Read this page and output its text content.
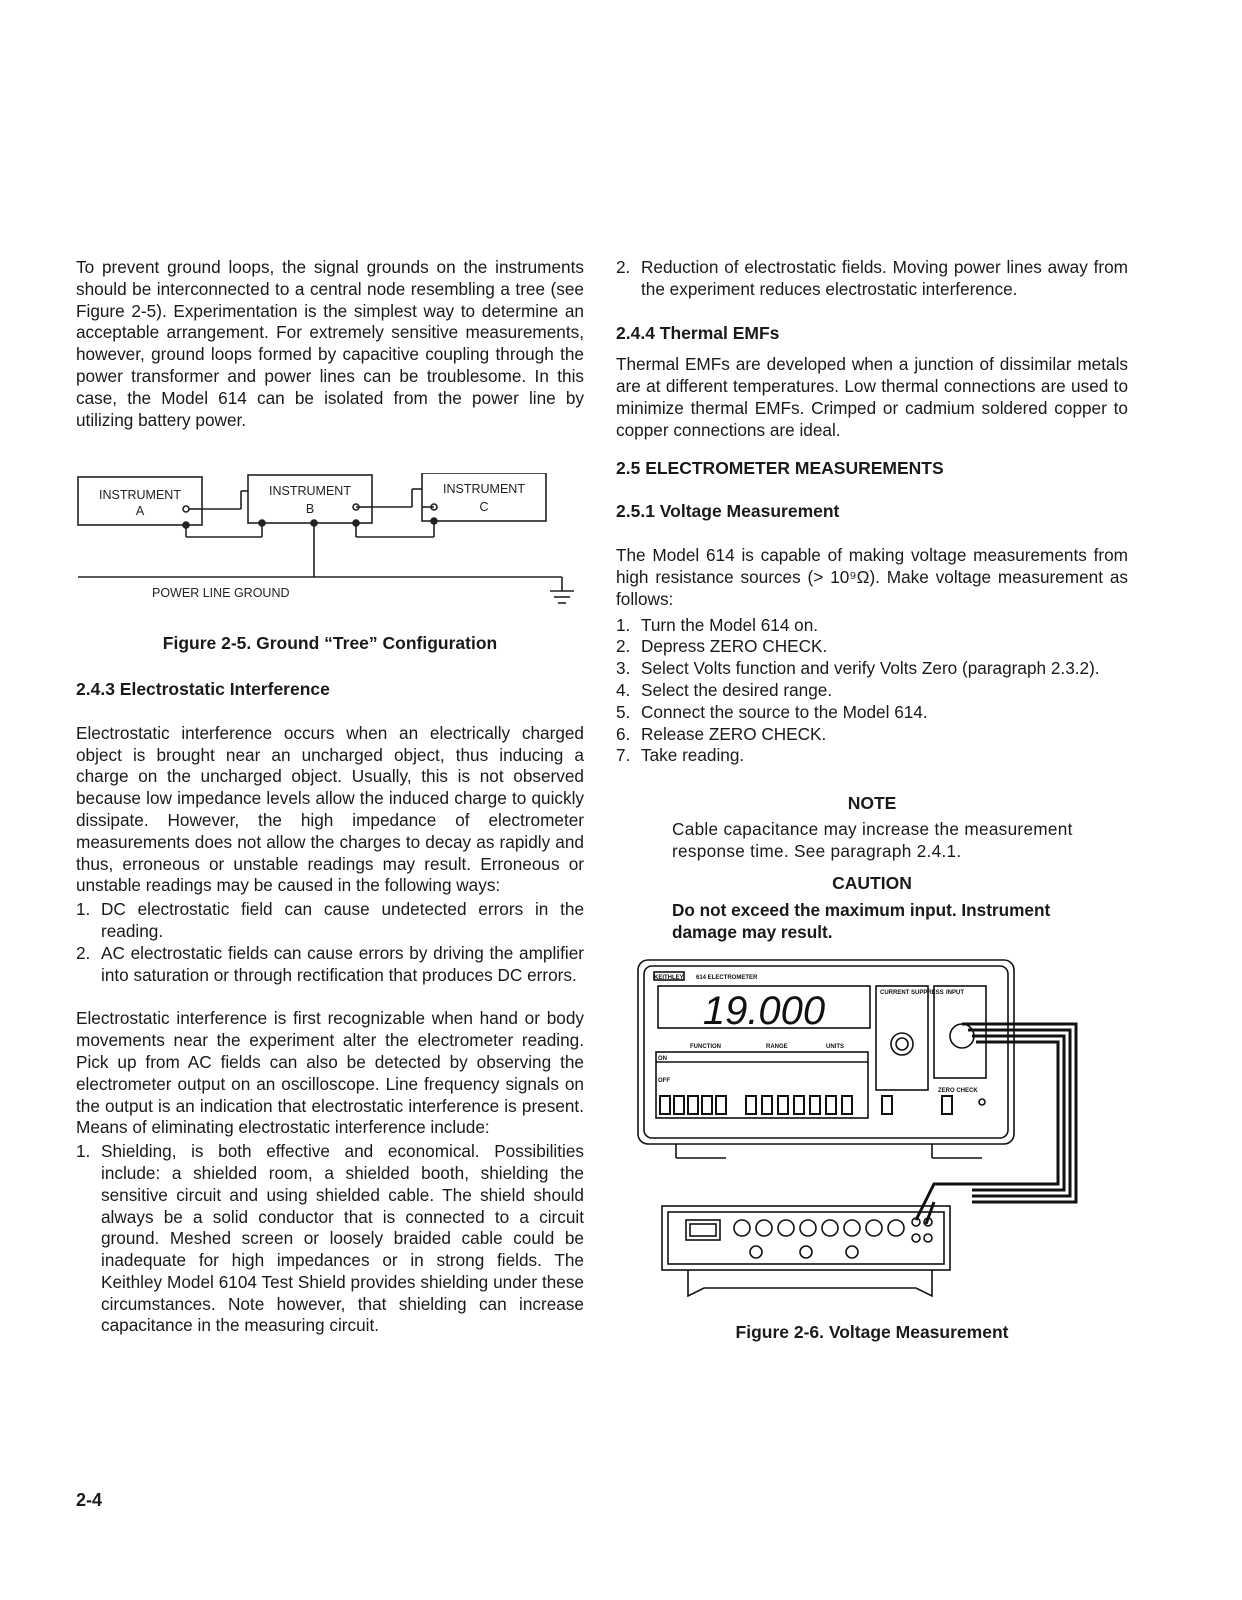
To prevent ground loops, the signal grounds on the instruments should be interconnected to a central node resembling a tree (see Figure 2-5). Experimentation is the simplest way to determine an acceptable arrangement. For extremely sensitive measurements, however, ground loops formed by capacitive coupling through the power transformer and power lines can be troublesome. In this case, the Model 614 can be isolated from the power line by utilizing battery power.

INSTRUMENT
A
INSTRUMENT
B
INSTRUMENT
C
POWER LINE GROUND
Figure 2-5. Ground “Tree” Configuration
2.4.3 Electrostatic Interference

Electrostatic interference occurs when an electrically charged object is brought near an uncharged object, thus inducing a charge on the uncharged object. Usually, this is not observed because low impedance levels allow the induced charge to quickly dissipate. However, the high impedance of electrometer measurements does not allow the charges to decay as rapidly and thus, erroneous or unstable readings may result. Erroneous or unstable readings may be caused in the following ways:

1. DC electrostatic field can cause undetected errors in the reading.
2. AC electrostatic fields can cause errors by driving the amplifier into saturation or through rectification that produces DC errors.

Electrostatic interference is first recognizable when hand or body movements near the experiment alter the electrometer reading. Pick up from AC fields can also be detected by observing the electrometer output on an oscilloscope. Line frequency signals on the output is an indication that electrostatic interference is present. Means of eliminating electrostatic interference include:

1. Shielding, is both effective and economical. Possibilities include: a shielded room, a shielded booth, shielding the sensitive circuit and using shielded cable. The shield should always be a solid conductor that is connected to a circuit ground. Meshed screen or loosely braided cable could be inadequate for high impedances or in strong fields. The Keithley Model 6104 Test Shield provides shielding under these circumstances. Note however, that shielding can increase capacitance in the measuring circuit.
2. Reduction of electrostatic fields. Moving power lines away from the experiment reduces electrostatic interference.
2.4.4 Thermal EMFs

Thermal EMFs are developed when a junction of dissimilar metals are at different temperatures. Low thermal connections are used to minimize thermal EMFs. Crimped or cadmium soldered copper to copper connections are ideal.

2.5 ELECTROMETER MEASUREMENTS
2.5.1 Voltage Measurement

The Model 614 is capable of making voltage measurements from high resistance sources (> 10⁹Ω). Make voltage measurement as follows:

1. Turn the Model 614 on.
2. Depress ZERO CHECK.
3. Select Volts function and verify Volts Zero (paragraph 2.3.2).
4. Select the desired range.
5. Connect the source to the Model 614.
6. Release ZERO CHECK.
7. Take reading.
NOTE

Cable capacitance may increase the measurement response time. See paragraph 2.4.1.

CAUTION

Do not exceed the maximum input. Instrument damage may result.

19.000
KEITHLEY 614 ELECTROMETER
CURRENT SUPPRESS INPUT
FUNCTION	RANGE	UNITS
ZERO CHECK
ON
OFF
Figure 2-6. Voltage Measurement
2-4
